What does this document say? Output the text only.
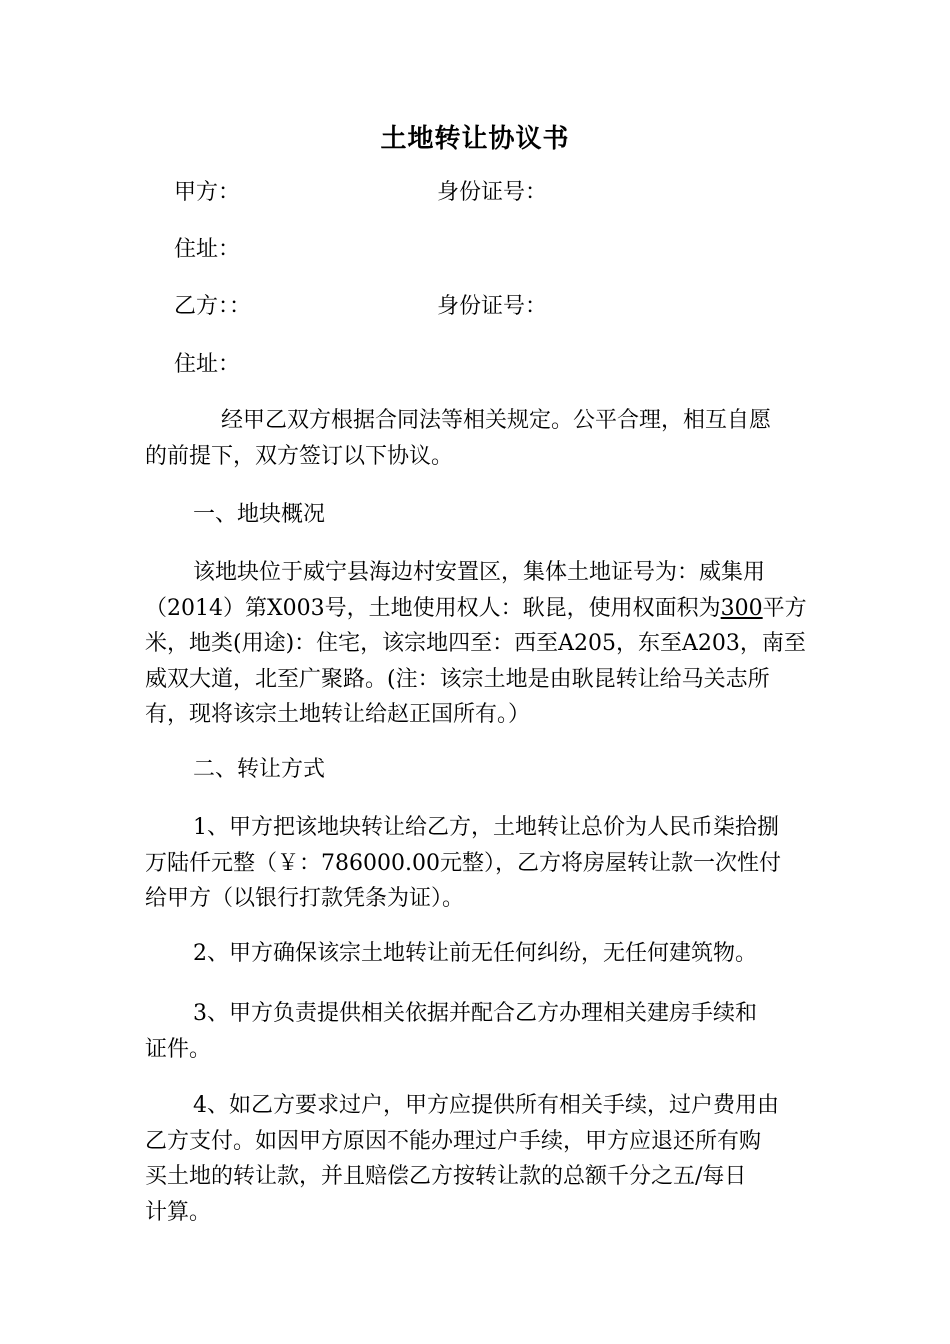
土地转让协议书
甲方：	身份证号：
住址：
乙方：：	身份证号：
住址：
经甲乙双方根据合同法等相关规定。公平合理，相互自愿
的前提下，双方签订以下协议。
一、地块概况
该地块位于威宁县海边村安置区，集体土地证号为：威集用
（2014）第X003号，土地使用权人：耿昆，使用权面积为300平方
米，地类(用途)：住宅，该宗地四至：西至A205，东至A203，南至
威双大道，北至广聚路。(注：该宗土地是由耿昆转让给马关志所
有，现将该宗土地转让给赵正国所有。）
二、转让方式
1、甲方把该地块转让给乙方，土地转让总价为人民币柒拾捌
万陆仟元整（￥：786000.00元整），乙方将房屋转让款一次性付
给甲方（以银行打款凭条为证）。
2、甲方确保该宗土地转让前无任何纠纷，无任何建筑物。
3、甲方负责提供相关依据并配合乙方办理相关建房手续和
证件。
4、如乙方要求过户，甲方应提供所有相关手续，过户费用由
乙方支付。如因甲方原因不能办理过户手续，甲方应退还所有购
买土地的转让款，并且赔偿乙方按转让款的总额千分之五/每日
计算。
